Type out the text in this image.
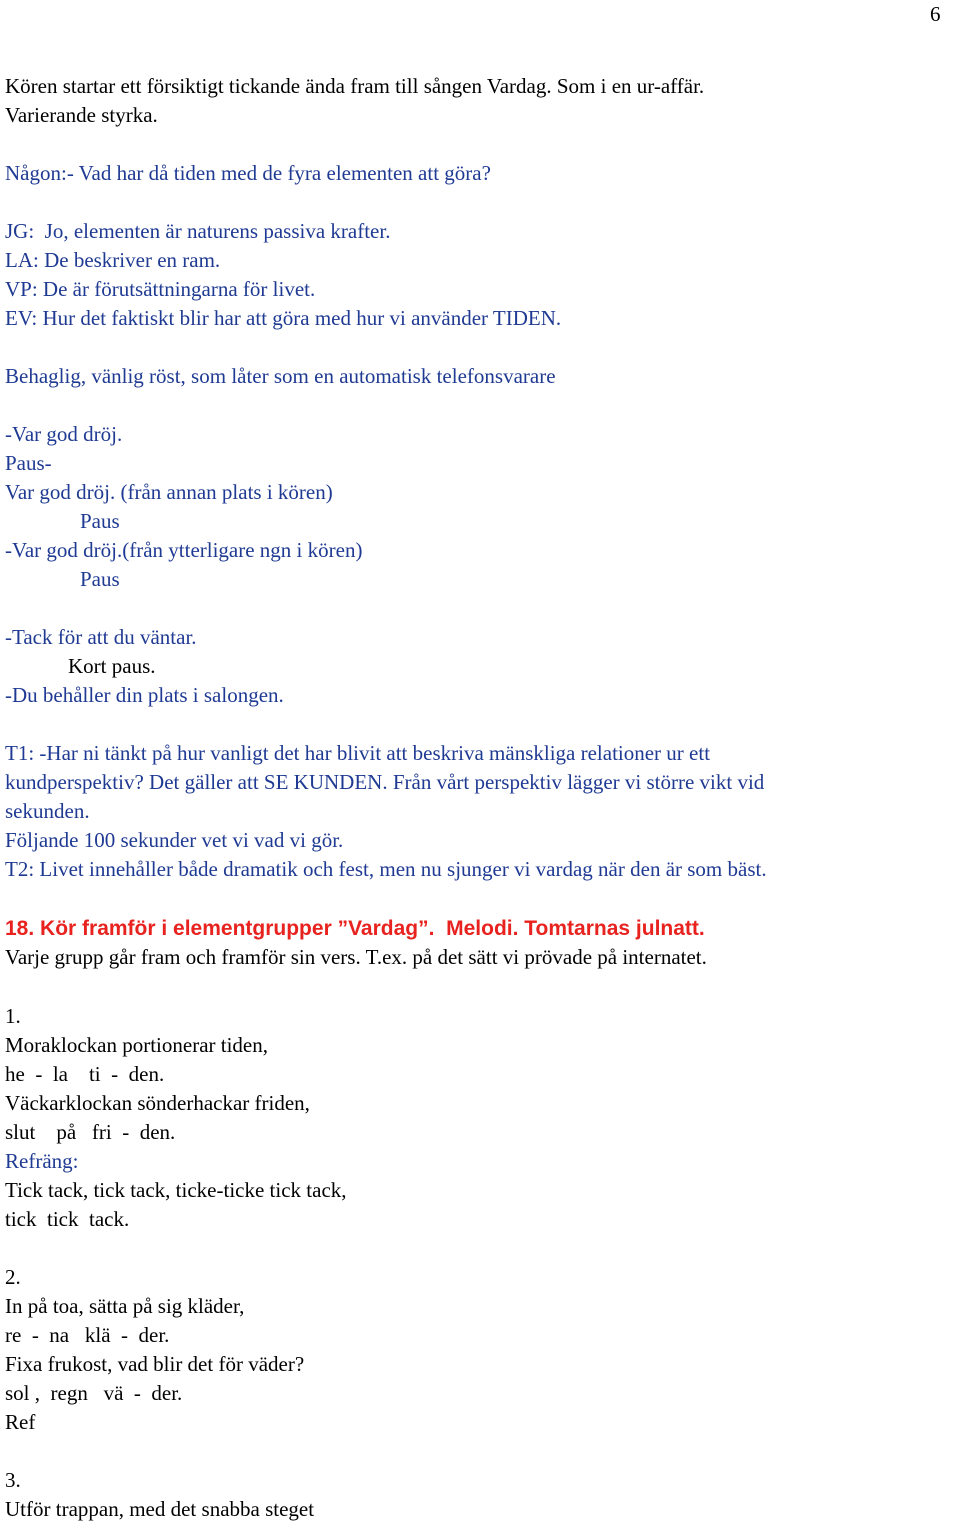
6
Kören startar ett försiktigt tickande ända fram till sången Vardag. Som i en ur-affär.
Varierande styrka.
Någon:- Vad har då tiden med de fyra elementen att göra?
JG:  Jo, elementen är naturens passiva krafter.
LA: De beskriver en ram.
VP: De är förutsättningarna för livet.
EV: Hur det faktiskt blir har att göra med hur vi använder TIDEN.
Behaglig, vänlig röst, som låter som en automatisk telefonsvarare
-Var god dröj.
Paus-
Var god dröj. (från annan plats i kören)
Paus
-Var god dröj.(från ytterligare ngn i kören)
Paus
-Tack för att du väntar.
Kort paus.
-Du behåller din plats i salongen.
T1: -Har ni tänkt på hur vanligt det har blivit att beskriva mänskliga relationer ur ett
kundperspektiv? Det gäller att SE KUNDEN. Från vårt perspektiv lägger vi större vikt vid
sekunden.
Följande 100 sekunder vet vi vad vi gör.
T2: Livet innehåller både dramatik och fest, men nu sjunger vi vardag när den är som bäst.
18. Kör framför i elementgrupper ”Vardag”.  Melodi. Tomtarnas julnatt.
Varje grupp går fram och framför sin vers. T.ex. på det sätt vi prövade på internatet.
1.
Moraklockan portionerar tiden,
he  -  la    ti  -  den.
Väckarklockan sönderhackar friden,
slut    på   fri  -  den.
Refräng:
Tick tack, tick tack, ticke-ticke tick tack,
tick  tick  tack.
2.
In på toa, sätta på sig kläder,
re  -  na   klä  -  der.
Fixa frukost, vad blir det för väder?
sol ,  regn   vä  -  der.
Ref
3.
Utför trappan, med det snabba steget
